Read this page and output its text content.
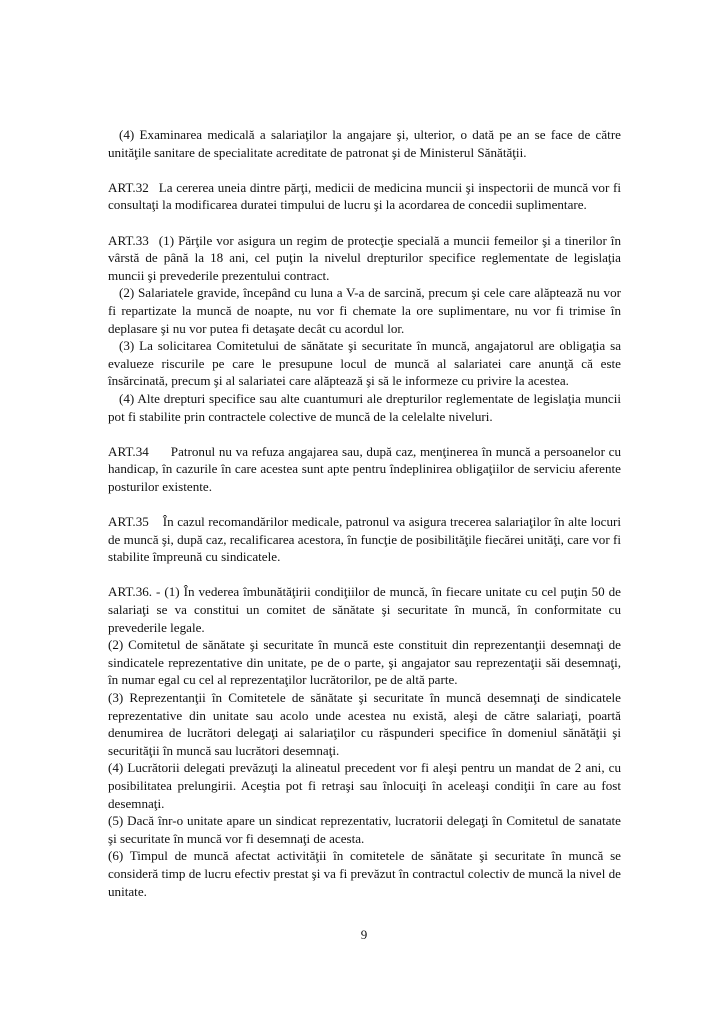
(4) Examinarea medicală a salariaţilor la angajare şi, ulterior, o dată pe an se face de către unităţile sanitare de specialitate acreditate de patronat şi de Ministerul Sănătăţii.

ART.32 La cererea uneia dintre părţi, medicii de medicina muncii şi inspectorii de muncă vor fi consultaţi la modificarea duratei timpului de lucru şi la acordarea de concedii suplimentare.

ART.33 (1) Părţile vor asigura un regim de protecţie specială a muncii femeilor şi a tinerilor în vârstă de până la 18 ani, cel puţin la nivelul drepturilor specifice reglementate de legislaţia muncii şi prevederile prezentului contract.

(2) Salariatele gravide, începând cu luna a V-a de sarcină, precum şi cele care alăptează nu vor fi repartizate la muncă de noapte, nu vor fi chemate la ore suplimentare, nu vor fi trimise în deplasare şi nu vor putea fi detaşate decât cu acordul lor.

(3) La solicitarea Comitetului de sănătate şi securitate în muncă, angajatorul are obligaţia sa evalueze riscurile pe care le presupune locul de muncă al salariatei care anunţă că este însărcinată, precum şi al salariatei care alăptează şi să le informeze cu privire la acestea.

(4) Alte drepturi specifice sau alte cuantumuri ale drepturilor reglementate de legislaţia muncii pot fi stabilite prin contractele colective de muncă de la celelalte niveluri.

ART.34 Patronul nu va refuza angajarea sau, după caz, menţinerea în muncă a persoanelor cu handicap, în cazurile în care acestea sunt apte pentru îndeplinirea obligaţiilor de serviciu aferente posturilor existente.

ART.35 În cazul recomandărilor medicale, patronul va asigura trecerea salariaţilor în alte locuri de muncă şi, după caz, recalificarea acestora, în funcţie de posibilităţile fiecărei unităţi, care vor fi stabilite împreună cu sindicatele.

ART.36. - (1) În vederea îmbunătăţirii condiţiilor de muncă, în fiecare unitate cu cel puţin 50 de salariaţi se va constitui un comitet de sănătate şi securitate în muncă, în conformitate cu prevederile legale.

(2) Comitetul de sănătate şi securitate în muncă este constituit din reprezentanţii desemnaţi de sindicatele reprezentative din unitate, pe de o parte, şi angajator sau reprezentaţii săi desemnaţi, în numar egal cu cel al reprezentaţilor lucrătorilor, pe de altă parte.

(3) Reprezentanţii în Comitetele de sănătate şi securitate în muncă desemnaţi de sindicatele reprezentative din unitate sau acolo unde acestea nu există, aleşi de către salariaţi, poartă denumirea de lucrători delegaţi ai salariaţilor cu răspunderi specifice în domeniul sănătăţii şi securităţii în muncă sau lucrători desemnaţi.

(4) Lucrătorii delegati prevăzuţi la alineatul precedent vor fi aleşi pentru un mandat de 2 ani, cu posibilitatea prelungirii. Aceştia pot fi retraşi sau înlocuiţi în aceleaşi condiţii în care au fost desemnaţi.

(5) Dacă înr-o unitate apare un sindicat reprezentativ, lucratorii delegaţi în Comitetul de sanatate şi securitate în muncă vor fi desemnaţi de acesta.

(6) Timpul de muncă afectat activităţii în comitetele de sănătate şi securitate în muncă se consideră timp de lucru efectiv prestat şi va fi prevăzut în contractul colectiv de muncă la nivel de unitate.

9
